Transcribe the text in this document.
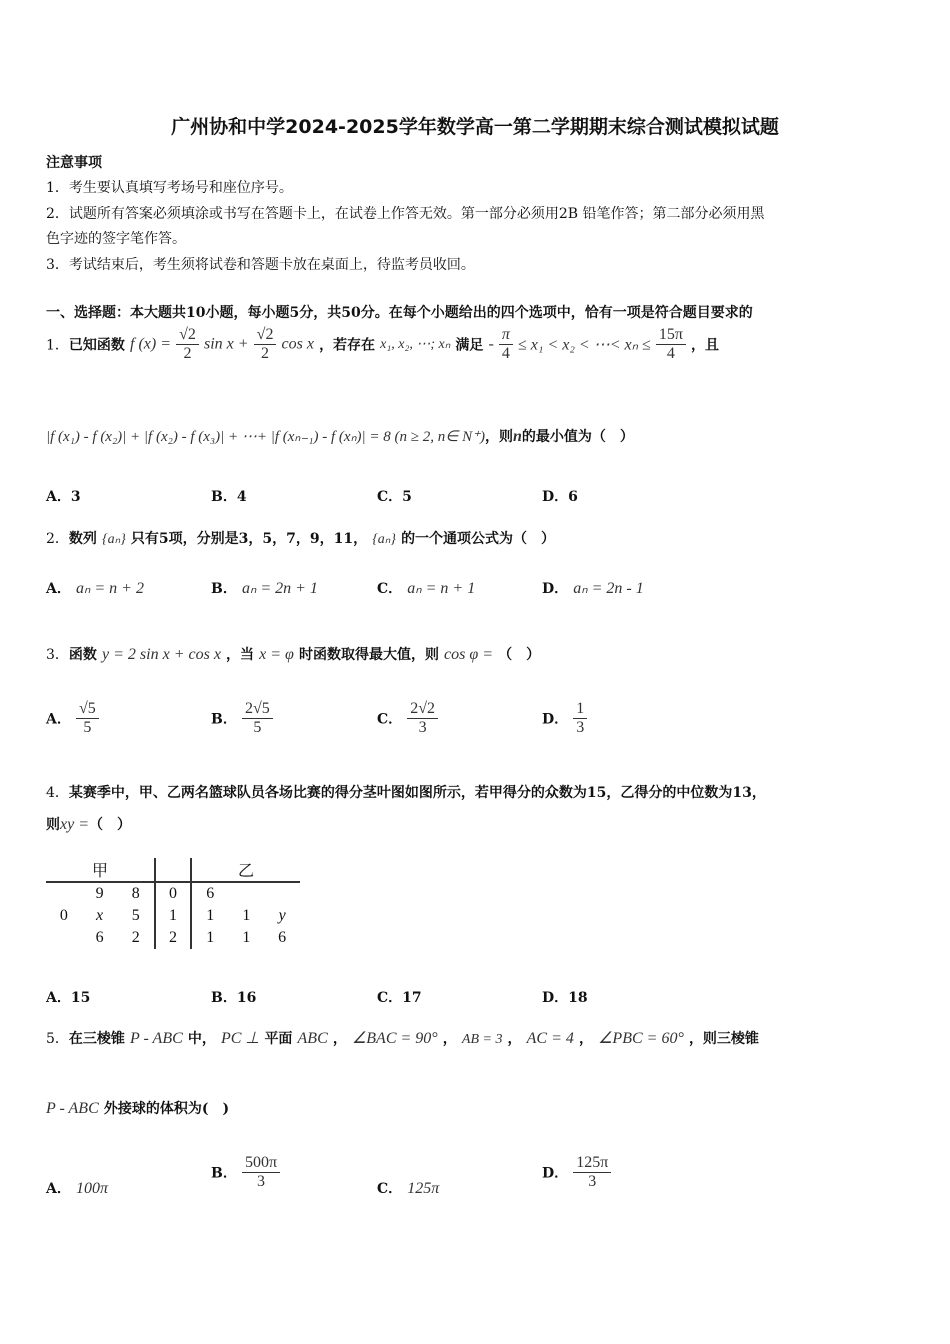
广州协和中学2024-2025学年数学高一第二学期期末综合测试模拟试题
注意事项
1．考生要认真填写考场号和座位序号。
2．试题所有答案必须填涂或书写在答题卡上，在试卷上作答无效。第一部分必须用2B 铅笔作答；第二部分必须用黑
色字迹的签字笔作答。
3．考试结束后，考生须将试卷和答题卡放在桌面上，待监考员收回。
一、选择题：本大题共10小题，每小题5分，共50分。在每个小题给出的四个选项中，恰有一项是符合题目要求的
1．已知函数 f $(x) = \frac{√2}{2}$ $\sin x + \frac{√2}{2}$ cos x ，若存在 x₁, x₂, ⋯; xₙ 满足 - $\frac{\pi}{4} \le x_1 < x_2$ < ⋯< $x_n \le \frac{15\pi}{4}$ ，且
|f (x₁) - f (x₂)| + |f (x₂) - f (x₃)| + ⋯+ |f (xₙ₋₁) - f (xₙ)| = 8 (n ≥ 2, n∈ N⁺)，则n的最小值为（　）
A．3	B．4	C．5	D．6
2．数列 {aₙ} 只有5项，分别是3，5，7，9，11， {aₙ} 的一个通项公式为（　）
A． aₙ = n + 2	B． aₙ = 2n + 1	C． aₙ = n + 1	D． aₙ = 2n - 1
3．函数 y = 2 sin x + cos x ，当 x = φ 时函数取得最大值，则 cos φ = （　）
A． $\frac{√5}{5}$	B． $\frac{2√5}{5}$	C． $\frac{2√2}{3}$	D． $\frac{1}{3}$
4．某赛季中，甲、乙两名篮球队员各场比赛的得分茎叶图如图所示，若甲得分的众数为15，乙得分的中位数为13，
则xy =（　）
甲				乙		
	9	8	0	6		
0	x	5	1	1	1	y
	6	2	2	1	1	6
A．15	B．16	C．17	D．18
5．在三棱锥 P - ABC 中， PC ⊥ 平面 ABC ， ∠BAC = 90° ， AB = 3 ， AC = 4 ， ∠PBC = 60° ，则三棱锥
P - ABC 外接球的体积为(　)
A． 100π
B． $\frac{500\pi}{3}$	C． 125π
D． $\frac{125\pi}{3}$
